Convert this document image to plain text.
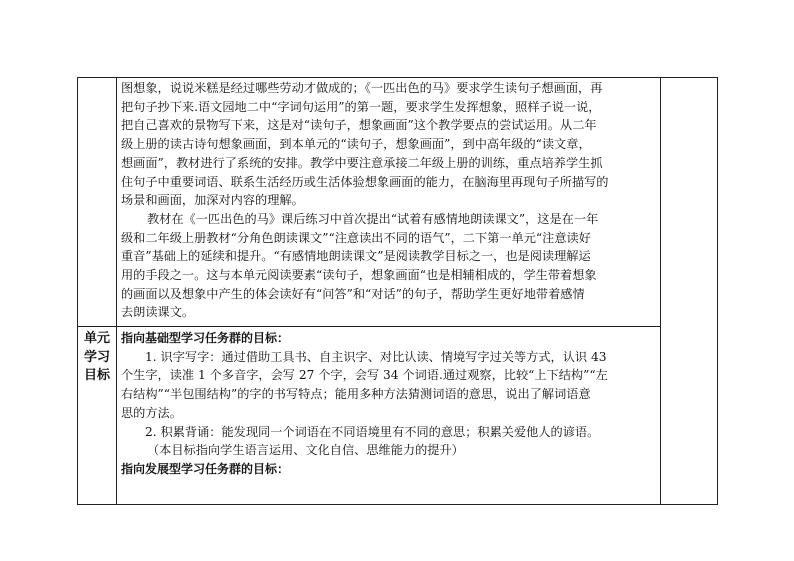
图想象，说说米糕是经过哪些劳动才做成的；《一匹出色的马》要求学生读句子想画面，再

把句子抄下来.语文园地二中“字词句运用”的第一题，要求学生发挥想象，照样子说一说，

把自己喜欢的景物写下来，这是对“读句子，想象画面”这个教学要点的尝试运用。从二年

级上册的读古诗句想象画面，到本单元的“读句子，想象画面”，到中高年级的“读文章，

想画面”，教材进行了系统的安排。教学中要注意承接二年级上册的训练，重点培养学生抓

住句子中重要词语、联系生活经历或生活体验想象画面的能力，在脑海里再现句子所描写的

场景和画面，加深对内容的理解。

教材在《一匹出色的马》课后练习中首次提出“试着有感情地朗读课文”，这是在一年

级和二年级上册教材“分角色朗读课文”“注意读出不同的语气”，二下第一单元“注意读好

重音”基础上的延续和提升。“有感情地朗读课文”是阅读教学目标之一，也是阅读理解运

用的手段之一。这与本单元阅读要素“读句子，想象画面“也是相辅相成的，学生带着想象

的画面以及想象中产生的体会读好有“问答”和“对话”的句子，帮助学生更好地带着感情

去朗读课文。

单元
学习
目标

指向基础型学习任务群的目标：

1. 识字写字：通过借助工具书、自主识字、对比认读、情境写字过关等方式，认识 43

个生字，读准 1 个多音字，会写 27 个字，会写 34 个词语.通过观察，比较“上下结构”“左

右结构”“半包围结构”的字的书写特点；能用多种方法猜测词语的意思，说出了解词语意

思的方法。

2. 积累背诵：能发现同一个词语在不同语境里有不同的意思；积累关爱他人的谚语。

（本目标指向学生语言运用、文化自信、思维能力的提升）

指向发展型学习任务群的目标：
